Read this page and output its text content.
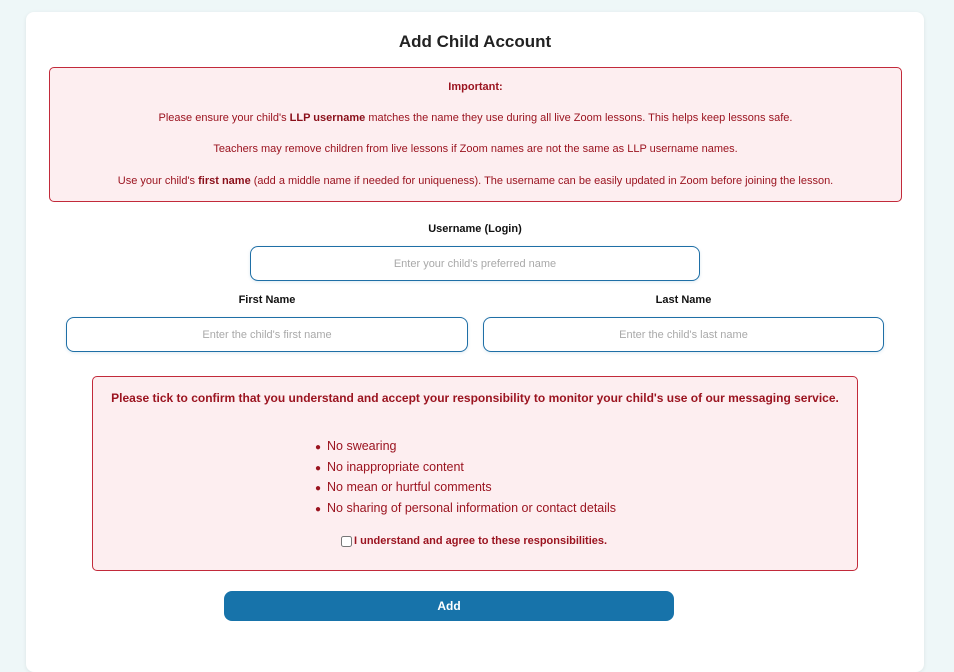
Add Child Account
Important:
Please ensure your child's LLP username matches the name they use during all live Zoom lessons. This helps keep lessons safe.
Teachers may remove children from live lessons if Zoom names are not the same as LLP username names.
Use your child's first name (add a middle name if needed for uniqueness). The username can be easily updated in Zoom before joining the lesson.
Username (Login)
Enter your child's preferred name
First Name
Enter the child's first name	Last Name
Enter the child's last name
Please tick to confirm that you understand and accept your responsibility to monitor your child's use of our messaging service.
● No swearing
● No inappropriate content
● No mean or hurtful comments
● No sharing of personal information or contact details
I understand and agree to these responsibilities.
Add
